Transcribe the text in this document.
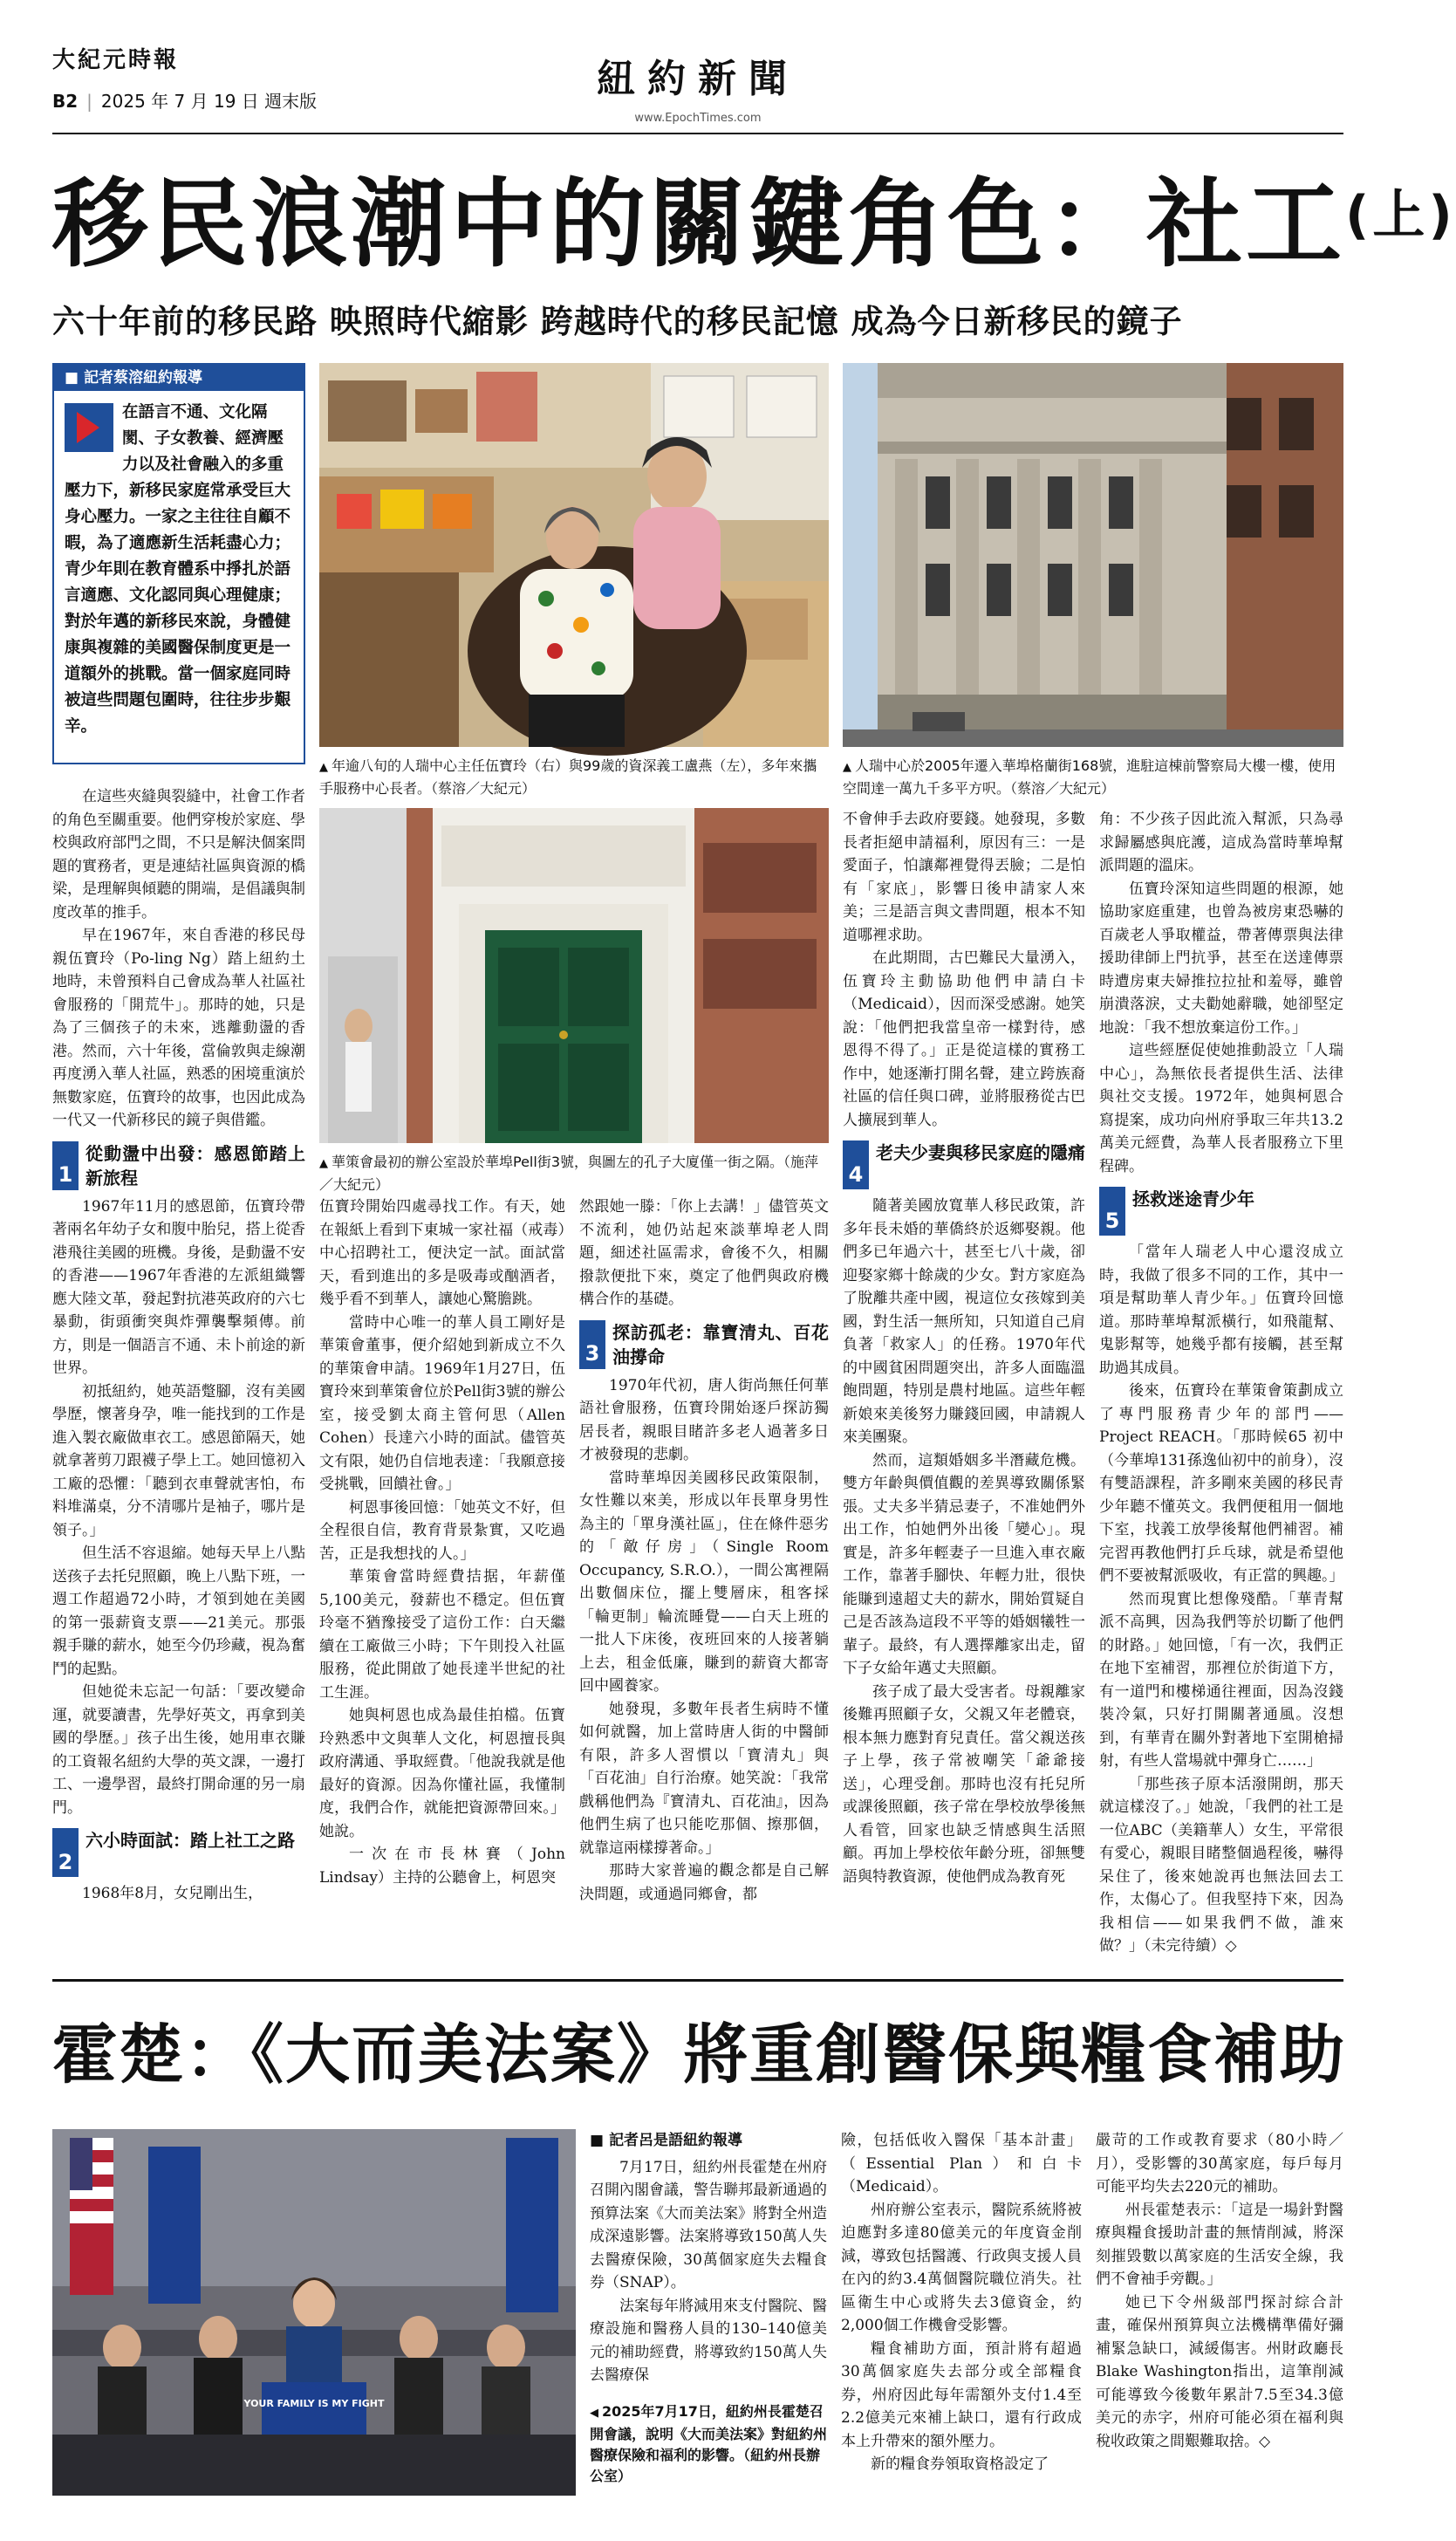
大紀元時報
B2 | 2025 年 7 月 19 日 週末版	紐約新聞
www.EpochTimes.com
移民浪潮中的關鍵角色：社工$^{(上)}$
六十年前的移民路 映照時代縮影 跨越時代的移民記憶 成為今日新移民的鏡子
■ 記者蔡溶紐約報導
在語言不通、文化隔閡、子女教養、經濟壓力以及社會融入的多重壓力下，新移民家庭常承受巨大身心壓力。一家之主往往自顧不暇，為了適應新生活耗盡心力；青少年則在教育體系中掙扎於語言適應、文化認同與心理健康；對於年邁的新移民來說，身體健康與複雜的美國醫保制度更是一道額外的挑戰。當一個家庭同時被這些問題包圍時，往往步步艱辛。
▲ 年逾八旬的人瑞中心主任伍寶玲（右）與99歲的資深義工盧燕（左），多年來攜手服務中心長者。（蔡溶／大紀元）
▲ 人瑞中心於2005年遷入華埠格蘭街168號，進駐這棟前警察局大樓一樓，使用空間達一萬九千多平方呎。（蔡溶／大紀元）
▲ 華策會最初的辦公室設於華埠Pell街3號，與圖左的孔子大廈僅一街之隔。（施萍／大紀元）

在這些夾縫與裂縫中，社會工作者的角色至關重要。他們穿梭於家庭、學校與政府部門之間，不只是解決個案問題的實務者，更是連結社區與資源的橋梁，是理解與傾聽的開端，是倡議與制度改革的推手。

早在1967年，來自香港的移民母親伍寶玲（Po-ling Ng）踏上紐約土地時，未曾預料自己會成為華人社區社會服務的「開荒牛」。那時的她，只是為了三個孩子的未來，逃離動盪的香港。然而，六十年後，當倫敦與走線潮再度湧入華人社區，熟悉的困境重演於無數家庭，伍寶玲的故事，也因此成為一代又一代新移民的鏡子與借鑑。

1
從動盪中出發：感恩節踏上新旅程

1967年11月的感恩節，伍寶玲帶著兩名年幼子女和腹中胎兒，搭上從香港飛往美國的班機。身後，是動盪不安的香港——1967年香港的左派組織響應大陸文革，發起對抗港英政府的六七暴動，街頭衝突與炸彈襲擊頻傳。前方，則是一個語言不通、未卜前途的新世界。

初抵紐約，她英語蹩腳，沒有美國學歷，懷著身孕，唯一能找到的工作是進入製衣廠做車衣工。感恩節隔天，她就拿著剪刀跟襪子學上工。她回憶初入工廠的恐懼：「聽到衣車聲就害怕，布料堆滿桌，分不清哪片是袖子，哪片是領子。」

但生活不容退縮。她每天早上八點送孩子去托兒照顧，晚上八點下班，一週工作超過72小時，才領到她在美國的第一張薪資支票——21美元。那張親手賺的薪水，她至今仍珍藏，視為奮鬥的起點。

但她從未忘記一句話：「要改變命運，就要讀書，先學好英文，再拿到美國的學歷。」孩子出生後，她用車衣賺的工資報名紐約大學的英文課，一邊打工、一邊學習，最終打開命運的另一扇門。

2
六小時面試：踏上社工之路

1968年8月，女兒剛出生，

伍寶玲開始四處尋找工作。有天，她在報紙上看到下東城一家社福（戒毒）中心招聘社工，便決定一試。面試當天，看到進出的多是吸毒或酗酒者，幾乎看不到華人，讓她心驚膽跳。

當時中心唯一的華人員工剛好是華策會董事，便介紹她到新成立不久的華策會申請。1969年1月27日，伍寶玲來到華策會位於Pell街3號的辦公室，接受劉太商主管何思（Allen Cohen）長達六小時的面試。儘管英文有限，她仍自信地表達：「我願意接受挑戰，回饋社會。」

柯恩事後回憶：「她英文不好，但全程很自信，教育背景紮實，又吃過苦，正是我想找的人。」

華策會當時經費拮据，年薪僅5,100美元，發薪也不穩定。但伍寶玲毫不猶豫接受了這份工作：白天繼續在工廠做三小時；下午則投入社區服務，從此開啟了她長達半世紀的社工生涯。

她與柯恩也成為最佳拍檔。伍寶玲熟悉中文與華人文化，柯恩擅長與政府溝通、爭取經費。「他說我就是他最好的資源。因為你懂社區，我懂制度，我們合作，就能把資源帶回來。」她說。

一次在市長林賽（John Lindsay）主持的公聽會上，柯恩突

然跟她一滕：「你上去講！」儘管英文不流利，她仍站起來談華埠老人問題，細述社區需求，會後不久，相關撥款便批下來，奠定了他們與政府機構合作的基礎。

3
探訪孤老：靠寶清丸、百花油撐命

1970年代初，唐人街尚無任何華語社會服務，伍寶玲開始逐戶探訪獨居長者，親眼目睹許多老人過著多日才被發現的悲劇。

當時華埠因美國移民政策限制，女性難以來美，形成以年長單身男性為主的「單身漢社區」，住在條件惡劣的「敵仔房」（Single Room Occupancy, S.R.O.），一間公寓裡隔出數個床位，擺上雙層床，租客採「輪更制」輪流睡覺——白天上班的一批人下床後，夜班回來的人接著躺上去，租金低廉，賺到的薪資大都寄回中國養家。

她發現，多數年長者生病時不懂如何就醫，加上當時唐人街的中醫師有限，許多人習慣以「寶清丸」與「百花油」自行治療。她笑說：「我常戲稱他們為『寶清丸、百花油』，因為他們生病了也只能吃那個、擦那個，就靠這兩樣撐著命。」

那時大家普遍的觀念都是自己解決問題，或通過同鄉會，都

不會伸手去政府要錢。她發現，多數長者拒絕申請福利，原因有三：一是愛面子，怕讓鄰裡覺得丟臉；二是怕有「家底」，影響日後申請家人來美；三是語言與文書問題，根本不知道哪裡求助。

在此期間，古巴難民大量湧入，伍寶玲主動協助他們申請白卡（Medicaid），因而深受感謝。她笑說：「他們把我當皇帝一樣對待，感恩得不得了。」正是從這樣的實務工作中，她逐漸打開名聲，建立跨族裔社區的信任與口碑，並將服務從古巴人擴展到華人。

4
老夫少妻與移民家庭的隱痛

隨著美國放寬華人移民政策，許多年長未婚的華僑終於返鄉娶親。他們多已年過六十，甚至七八十歲，卻迎娶家鄉十餘歲的少女。對方家庭為了脫離共產中國，視這位女孩嫁到美國，對生活一無所知，只知道自己肩負著「救家人」的任務。1970年代的中國貧困問題突出，許多人面臨溫飽問題，特別是農村地區。這些年輕新娘來美後努力賺錢回國，申請親人來美團聚。

然而，這類婚姻多半潛藏危機。雙方年齡與價值觀的差異導致關係緊張。丈夫多半猜忌妻子，不准她們外出工作，怕她們外出後「變心」。現實是，許多年輕妻子一旦進入車衣廠工作，靠著手腳快、年輕力壯，很快能賺到遠超丈夫的薪水，開始質疑自己是否該為這段不平等的婚姻犧牲一輩子。最終，有人選擇離家出走，留下子女給年邁丈夫照顧。

孩子成了最大受害者。母親離家後難再照顧子女，父親又年老體衰，根本無力應對育兒責任。當父親送孩子上學，孩子常被嘲笑「爺爺接送」，心理受創。那時也沒有托兒所或課後照顧，孩子常在學校放學後無人看管，回家也缺乏情感與生活照顧。再加上學校依年齡分班，卻無雙語與特教資源，使他們成為教育死

角：不少孩子因此流入幫派，只為尋求歸屬感與庇護，這成為當時華埠幫派問題的溫床。

伍寶玲深知這些問題的根源，她協助家庭重建，也曾為被房東恐嚇的百歲老人爭取權益，帶著傳票與法律援助律師上門抗爭，甚至在送達傳票時遭房東夫婦推拉拉扯和羞辱，雖曾崩潰落淚，丈夫勸她辭職，她卻堅定地說：「我不想放棄這份工作。」

這些經歷促使她推動設立「人瑞中心」，為無依長者提供生活、法律與社交支援。1972年，她與柯恩合寫提案，成功向州府爭取三年共13.2萬美元經費，為華人長者服務立下里程碑。

5
拯救迷途青少年

「當年人瑞老人中心還沒成立時，我做了很多不同的工作，其中一項是幫助華人青少年。」伍寶玲回憶道。那時華埠幫派橫行，如飛龍幫、鬼影幫等，她幾乎都有接觸，甚至幫助過其成員。

後來，伍寶玲在華策會策劃成立了專門服務青少年的部門——Project REACH。「那時候65 初中（今華埠131孫逸仙初中的前身），沒有雙語課程，許多剛來美國的移民青少年聽不懂英文。我們便租用一個地下室，找義工放學後幫他們補習。補完習再教他們打乒乓球，就是希望他們不要被幫派吸收，有正當的興趣。」

然而現實比想像殘酷。「華青幫派不高興，因為我們等於切斷了他們的財路。」她回憶，「有一次，我們正在地下室補習，那裡位於街道下方，有一道門和樓梯通往裡面，因為沒錢裝冷氣，只好打開關著通風。沒想到，有華青在關外對著地下室開槍掃射，有些人當場就中彈身亡……」

「那些孩子原本活潑開朗，那天就這樣沒了。」她說，「我們的社工是一位ABC（美籍華人）女生，平常很有愛心，親眼目睹整個過程後，嚇得呆住了，後來她說再也無法回去工作，太傷心了。但我堅持下來，因為我相信——如果我們不做，誰來做？」（未完待續）◇

霍楚：《大而美法案》將重創醫保與糧食補助
YOUR FAMILY IS MY FIGHT
■ 記者呂是語紐約報導

7月17日，紐約州長霍楚在州府召開內閣會議，警告聯邦最新通過的預算法案《大而美法案》將對全州造成深遠影響。法案將導致150萬人失去醫療保險，30萬個家庭失去糧食券（SNAP）。

法案每年將減用來支付醫院、醫療設施和醫務人員的130–140億美元的補助經費，將導致約150萬人失去醫療保

◀ 2025年7月17日，紐約州長霍楚召開會議，說明《大而美法案》對紐約州醫療保險和福利的影響。（紐約州長辦公室）

險，包括低收入醫保「基本計畫」（Essential Plan）和白卡（Medicaid）。

州府辦公室表示，醫院系統將被迫應對多達80億美元的年度資金削減，導致包括醫護、行政與支援人員在內的約3.4萬個醫院職位消失。社區衛生中心或將失去3億資金，約2,000個工作機會受影響。

糧食補助方面，預計將有超過30萬個家庭失去部分或全部糧食券，州府因此每年需額外支付1.4至2.2億美元來補上缺口，還有行政成本上升帶來的額外壓力。

新的糧食券領取資格設定了

嚴苛的工作或教育要求（80小時／月），受影響的30萬家庭，每戶每月可能平均失去220元的補助。

州長霍楚表示：「這是一場針對醫療與糧食援助計畫的無情削減，將深刻摧毀數以萬家庭的生活安全線，我們不會袖手旁觀。」

她已下令州級部門探討綜合計畫，確保州預算與立法機構準備好彌補緊急缺口，減緩傷害。州財政廳長Blake Washington指出，這筆削減可能導致今後數年累計7.5至34.3億美元的赤字，州府可能必須在福利與稅收政策之間艱難取捨。◇
